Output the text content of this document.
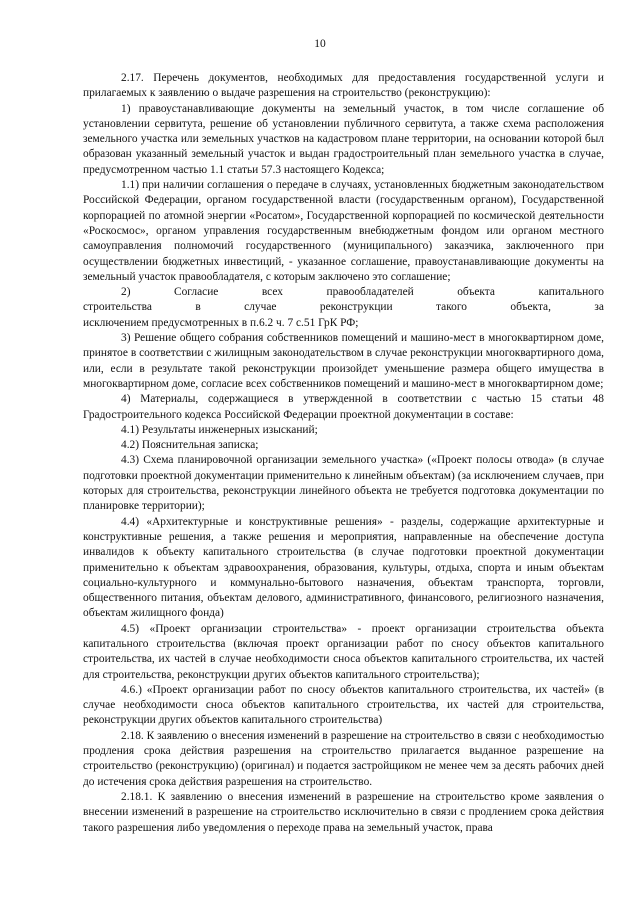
10

2.17. Перечень документов, необходимых для предоставления государственной услуги и прилагаемых к заявлению о выдаче разрешения на строительство (реконструкцию):

1) правоустанавливающие документы на земельный участок, в том числе соглашение об установлении сервитута, решение об установлении публичного сервитута, а также схема расположения земельного участка или земельных участков на кадастровом плане территории, на основании которой был образован указанный земельный участок и выдан градостроительный план земельного участка в случае, предусмотренном частью 1.1 статьи 57.3 настоящего Кодекса;

1.1) при наличии соглашения о передаче в случаях, установленных бюджетным законодательством Российской Федерации, органом государственной власти (государственным органом), Государственной корпорацией по атомной энергии «Росатом», Государственной корпорацией по космической деятельности «Роскосмос», органом управления государственным внебюджетным фондом или органом местного самоуправления полномочий государственного (муниципального) заказчика, заключенного при осуществлении бюджетных инвестиций, - указанное соглашение, правоустанавливающие документы на земельный участок правообладателя, с которым заключено это соглашение;

2)	Согласие	всех	правообладателей	объекта	капитального
строительства	в	случае	реконструкции	такого	объекта,	за
исключением предусмотренных в п.6.2 ч. 7 с.51 ГрК РФ;

3) Решение общего собрания собственников помещений и машино-мест в многоквартирном доме, принятое в соответствии с жилищным законодательством в случае реконструкции многоквартирного дома, или, если в результате такой реконструкции произойдет уменьшение размера общего имущества в многоквартирном доме, согласие всех собственников помещений и машино-мест в многоквартирном доме;

4) Материалы, содержащиеся в утвержденной в соответствии с частью 15 статьи 48 Градостроительного кодекса Российской Федерации проектной документации в составе:

4.1) Результаты инженерных изысканий;

4.2) Пояснительная записка;

4.3) Схема планировочной организации земельного участка» («Проект полосы отвода» (в случае подготовки проектной документации применительно к линейным объектам) (за исключением случаев, при которых для строительства, реконструкции линейного объекта не требуется подготовка документации по планировке территории);

4.4) «Архитектурные и конструктивные решения» - разделы, содержащие архитектурные и конструктивные решения, а также решения и мероприятия, направленные на обеспечение доступа инвалидов к объекту капитального строительства (в случае подготовки проектной документации применительно к объектам здравоохранения, образования, культуры, отдыха, спорта и иным объектам социально-культурного и коммунально-бытового назначения, объектам транспорта, торговли, общественного питания, объектам делового, административного, финансового, религиозного назначения, объектам жилищного фонда)

4.5) «Проект организации строительства» - проект организации строительства объекта капитального строительства (включая проект организации работ по сносу объектов капитального строительства, их частей в случае необходимости сноса объектов капитального строительства, их частей для строительства, реконструкции других объектов капитального строительства);

4.6.) «Проект организации работ по сносу объектов капитального строительства, их частей» (в случае необходимости сноса объектов капитального строительства, их частей для строительства, реконструкции других объектов капитального строительства)

2.18. К заявлению о внесения изменений в разрешение на строительство в связи с необходимостью продления срока действия разрешения на строительство прилагается выданное разрешение на строительство (реконструкцию) (оригинал) и подается застройщиком не менее чем за десять рабочих дней до истечения срока действия разрешения на строительство.

2.18.1. К заявлению о внесения изменений в разрешение на строительство кроме заявления о внесении изменений в разрешение на строительство исключительно в связи с продлением срока действия такого разрешения либо уведомления о переходе права на земельный участок, права
